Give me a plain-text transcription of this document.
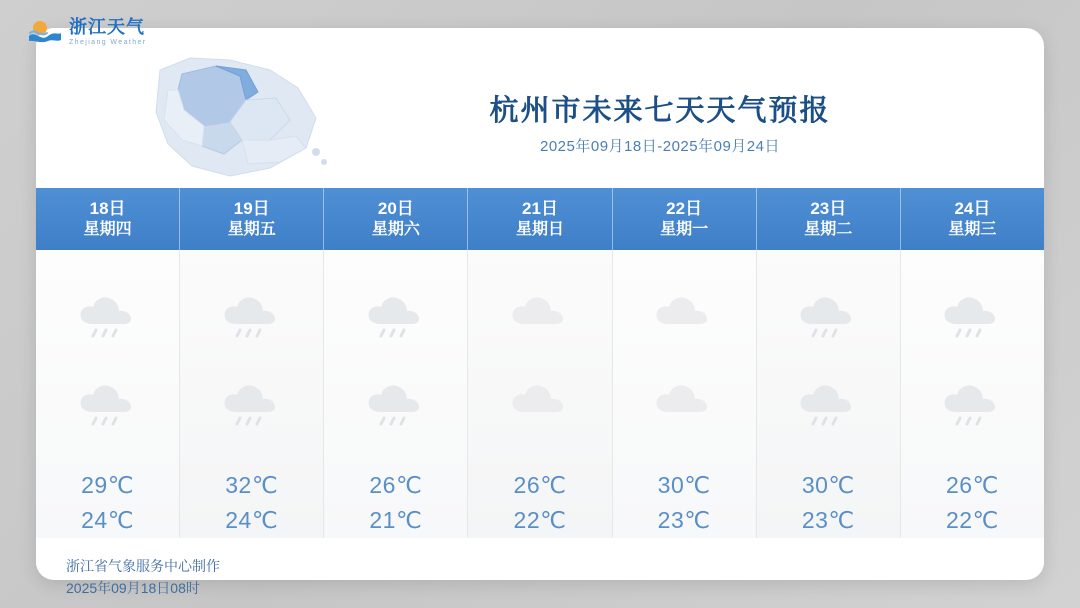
浙江天气
Zhejiang Weather
杭州市未来七天天气预报
2025年09月18日-2025年09月24日
18日
星期四
19日
星期五
20日
星期六
21日
星期日
22日
星期一
23日
星期二
24日
星期三
29℃
24℃
32℃
24℃
26℃
21℃
26℃
22℃
30℃
23℃
30℃
23℃
26℃
22℃
浙江省气象服务中心制作
2025年09月18日08时
